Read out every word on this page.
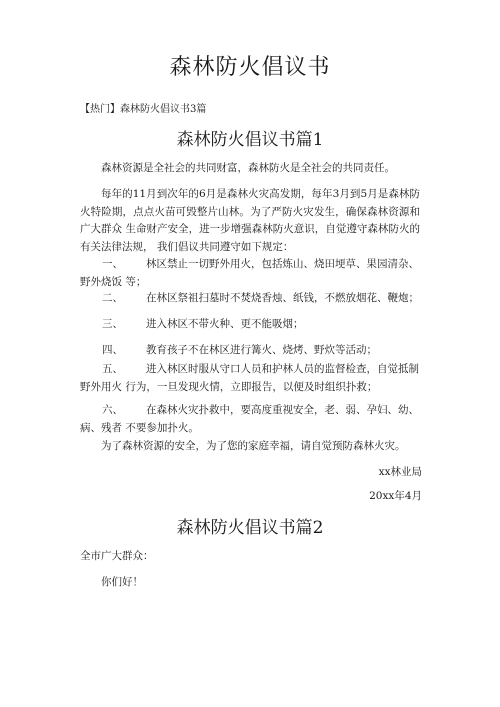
森林防火倡议书
【热门】森林防火倡议书3篇
森林防火倡议书篇1
森林资源是全社会的共同财富，森林防火是全社会的共同责任。
每年的11月到次年的6月是森林火灾高发期，每年3月到5月是森林防 火特险期，点点火苗可毁整片山林。为了严防火灾发生，确保森林资源和广大群众 生命财产安全，进一步增强森林防火意识，自觉遵守森林防火的有关法律法规， 我们倡议共同遵守如下规定：
一、 林区禁止一切野外用火，包括炼山、烧田埂草、果园清杂、野外烧饭 等；
二、 在林区祭祖扫墓时不焚烧香烛、纸钱，不燃放烟花、鞭炮；
三、 进入林区不带火种、更不能吸烟；
四、 教育孩子不在林区进行篝火、烧烤、野炊等活动；
五、 进入林区时服从守口人员和护林人员的监督检查，自觉抵制野外用火 行为，一旦发现火情，立即报告，以便及时组织扑救；
六、 在森林火灾扑救中，要高度重视安全，老、弱、孕妇、幼、病、残者 不要参加扑火。
为了森林资源的安全，为了您的家庭幸福，请自觉预防森林火灾。
xx林业局
20xx年4月
森林防火倡议书篇2
全市广大群众：
你们好！
